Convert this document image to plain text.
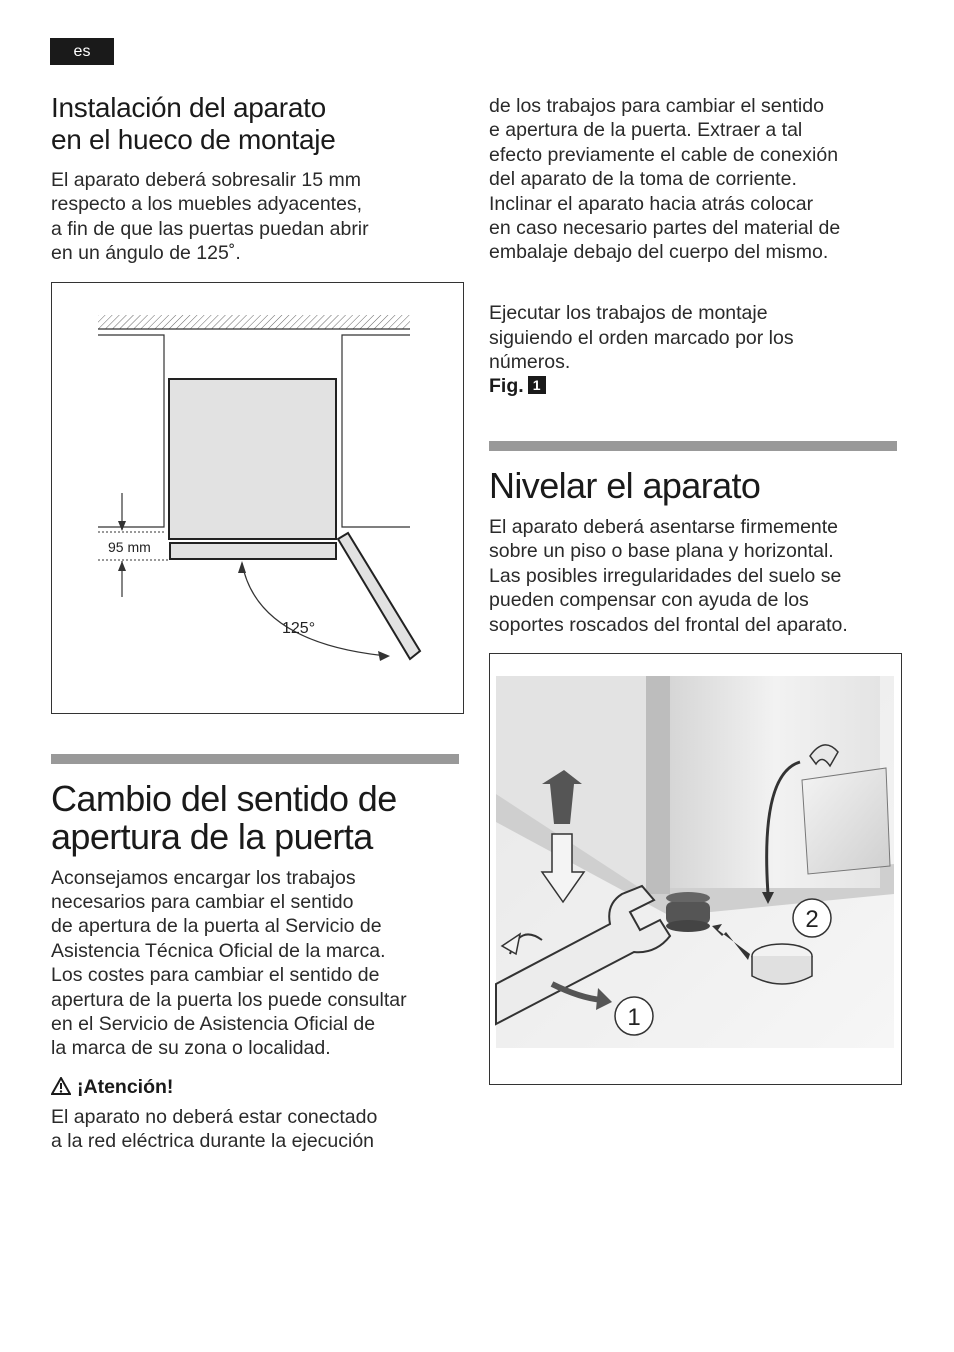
es
Instalación del aparato
en el hueco de montaje

El aparato deberá sobresalir 15 mm
respecto a los muebles adyacentes,
a fin de que las puertas puedan abrir
en un ángulo de 125˚.

95 mm
125°
Cambio del sentido de
apertura de la puerta

Aconsejamos encargar los trabajos
necesarios para cambiar el sentido
de apertura de la puerta al Servicio de
Asistencia Técnica Oficial de la marca.
Los costes para cambiar el sentido de
apertura de la puerta los puede consultar
en el Servicio de Asistencia Oficial de
la marca de su zona o localidad.

¡Atención!

El aparato no deberá estar conectado
a la red eléctrica durante la ejecución

de los trabajos para cambiar el sentido
e apertura de la puerta. Extraer a tal
efecto previamente el cable de conexión
del aparato de la toma de corriente.
Inclinar el aparato hacia atrás colocar
en caso necesario partes del material de
embalaje debajo del cuerpo del mismo.

Ejecutar los trabajos de montaje
siguiendo el orden marcado por los
números.
Fig. 1

Nivelar el aparato

El aparato deberá asentarse firmemente
sobre un piso o base plana y horizontal.
Las posibles irregularidades del suelo se
pueden compensar con ayuda de los
soportes roscados del frontal del aparato.

1
2
